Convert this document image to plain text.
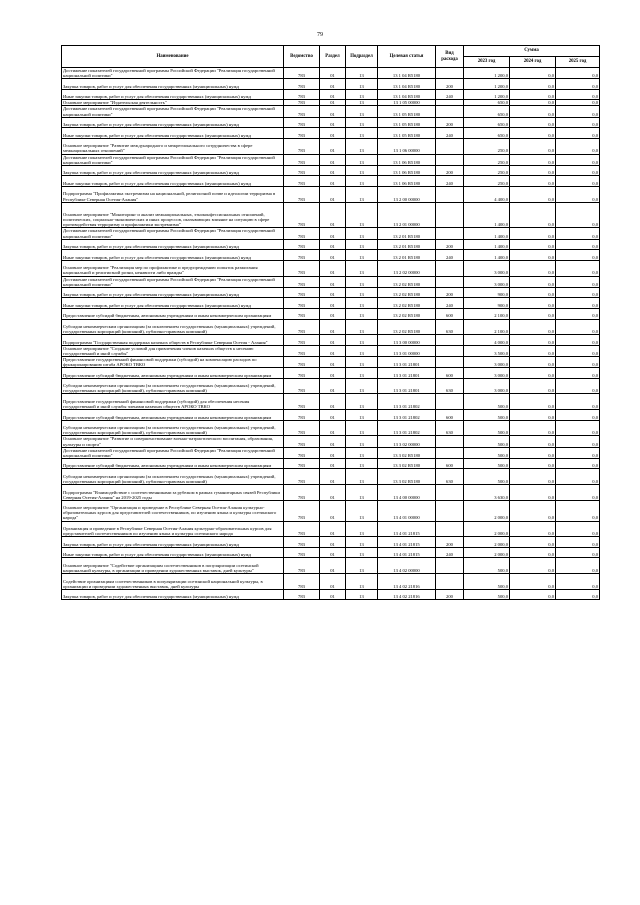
79
Наименование	Ведомство	Раздел	Подраздел	Целевая статья	Вид расхода	Сумма		
						2023 год	2024 год	2025 год
Достижение показателей государственной программы Российской Федерации "Реализация государственной национальной политики"	783	01	13	13 1 04 R5180		1 200,0	0,0	0,0
Закупка товаров, работ и услуг для обеспечения государственных (муниципальных) нужд	783	01	13	13 1 04 R5180	200	1 200,0	0,0	0,0
Иные закупки товаров, работ и услуг для обеспечения государственных (муниципальных) нужд	783	01	13	13 1 04 R5180	240	1 200,0	0,0	0,0
Основное мероприятие "Издательская деятельность"	783	01	13	13 1 05 00000		650,0	0,0	0,0
Достижение показателей государственной программы Российской Федерации "Реализация государственной национальной политики"	783	01	13	13 1 05 R5180		650,0	0,0	0,0
Закупка товаров, работ и услуг для обеспечения государственных (муниципальных) нужд	783	01	13	13 1 05 R5180	200	650,0	0,0	0,0
Иные закупки товаров, работ и услуг для обеспечения государственных (муниципальных) нужд	783	01	13	13 1 05 R5180	240	650,0	0,0	0,0
Основное мероприятие "Развитие международного и межрегионального сотрудничества в сфере межнациональных отношений"	783	01	13	13 1 06 00000		250,0	0,0	0,0
Достижение показателей государственной программы Российской Федерации "Реализация государственной национальной политики"	783	01	13	13 1 06 R5180		250,0	0,0	0,0
Закупка товаров, работ и услуг для обеспечения государственных (муниципальных) нужд	783	01	13	13 1 06 R5180	200	250,0	0,0	0,0
Иные закупки товаров, работ и услуг для обеспечения государственных (муниципальных) нужд	783	01	13	13 1 06 R5180	240	250,0	0,0	0,0
Подпрограмма "Профилактика экстремизма на национальной, религиозной почве и идеологии терроризма в Республике Северная Осетия-Алания"	783	01	13	13 2 00 00000		4 400,0	0,0	0,0
Основное мероприятие "Мониторинг и анализ межнациональных, этноконфессиональных отношений, политических, социально-экономических и иных процессов, оказывающих влияние на ситуацию в сфере противодействия терроризму и профилактики экстремизма"	783	01	13	13 2 01 00000		1 400,0	0,0	0,0
Достижение показателей государственной программы Российской Федерации "Реализация государственной национальной политики"	783	01	13	13 2 01 R5180		1 400,0	0,0	0,0
Закупка товаров, работ и услуг для обеспечения государственных (муниципальных) нужд	783	01	13	13 2 01 R5180	200	1 400,0	0,0	0,0
Иные закупки товаров, работ и услуг для обеспечения государственных (муниципальных) нужд	783	01	13	13 2 01 R5180	240	1 400,0	0,0	0,0
Основное мероприятие "Реализация мер по профилактике и предупреждению попыток разжигания национальной и религиозной розни, ненависти либо вражды"	783	01	13	13 2 02 00000		3 000,0	0,0	0,0
Достижение показателей государственной программы Российской Федерации "Реализация государственной национальной политики"	783	01	13	13 2 02 R5180		3 000,0	0,0	0,0
Закупка товаров, работ и услуг для обеспечения государственных (муниципальных) нужд	783	01	13	13 2 02 R5180	200	900,0	0,0	0,0
Иные закупки товаров, работ и услуг для обеспечения государственных (муниципальных) нужд	783	01	13	13 2 02 R5180	240	900,0	0,0	0,0
Предоставление субсидий бюджетным, автономным учреждениям и иным некоммерческим организациям	783	01	13	13 2 02 R5180	600	2 100,0	0,0	0,0
Субсидии некоммерческим организациям (за исключением государственных (муниципальных) учреждений, государственных корпораций (компаний), публично-правовых компаний)	783	01	13	13 2 02 R5180	630	2 100,0	0,0	0,0
Подпрограмма "Государственная поддержка казачьих обществ в Республике Северная Осетия - Алания"	783	01	13	13 3 00 00000		4 000,0	0,0	0,0
Основное мероприятие "Создание условий для привлечения членов казачьих обществ к несению государственной и иной службы"	783	01	13	13 3 01 00000		3 500,0	0,0	0,0
Предоставление государственной финансовой поддержки (субсидий) на компенсацию расходов по функционированию штаба АРОКО ТВКО	783	01	13	13 3 01 21801		3 000,0	0,0	0,0
Предоставление субсидий бюджетным, автономным учреждениям и иным некоммерческим организациям	783	01	13	13 3 01 21801	600	3 000,0	0,0	0,0
Субсидии некоммерческим организациям (за исключением государственных (муниципальных) учреждений, государственных корпораций (компаний), публично-правовых компаний)	783	01	13	13 3 01 21801	630	3 000,0	0,0	0,0
Предоставление государственной финансовой поддержки (субсидий) для обеспечения несения государственной и иной службы членами казачьих обществ АРОКО ТВКО	783	01	13	13 3 01 21802		500,0	0,0	0,0
Предоставление субсидий бюджетным, автономным учреждениям и иным некоммерческим организациям	783	01	13	13 3 01 21802	600	500,0	0,0	0,0
Субсидии некоммерческим организациям (за исключением государственных (муниципальных) учреждений, государственных корпораций (компаний), публично-правовых компаний)	783	01	13	13 3 01 21802	630	500,0	0,0	0,0
Основное мероприятие "Развитие и совершенствование военно-патриотического воспитания, образования, культуры и спорта"	783	01	13	13 3 02 00000		500,0	0,0	0,0
Достижение показателей государственной программы Российской Федерации "Реализация государственной национальной политики"	783	01	13	13 3 02 R5180		500,0	0,0	0,0
Предоставление субсидий бюджетным, автономным учреждениям и иным некоммерческим организациям	783	01	13	13 3 02 R5180	600	500,0	0,0	0,0
Субсидии некоммерческим организациям (за исключением государственных (муниципальных) учреждений, государственных корпораций (компаний), публично-правовых компаний)	783	01	13	13 3 02 R5180	630	500,0	0,0	0,0
Подпрограмма "Взаимодействие с соотечественниками за рубежом в рамках гуманитарных связей Республики Северная Осетия-Алания" на 2019-2025 годы	783	01	13	13 4 00 00000		3 630,0	0,0	0,0
Основное мероприятие "Организация и проведение в Республике Северная Осетия-Алания культурно-образовательных курсов для представителей соотечественников, по изучению языка и культуры осетинского народа"	783	01	13	13 4 01 00000		2 000,0	0,0	0,0
Организация и проведение в Республике Северная Осетия-Алания культурно-образовательных курсов для представителей соотечественников по изучению языка и культуры осетинского народа	783	01	13	13 4 01 21815		2 000,0	0,0	0,0
Закупка товаров, работ и услуг для обеспечения государственных (муниципальных) нужд	783	01	13	13 4 01 21815	200	2 000,0	0,0	0,0
Иные закупки товаров, работ и услуг для обеспечения государственных (муниципальных) нужд	783	01	13	13 4 01 21815	240	2 000,0	0,0	0,0
Основное мероприятие "Содействие организациям соотечественников в популяризации осетинской национальной культуры, в организации и проведении художественных выставок, дней культуры"	783	01	13	13 4 02 00000		500,0	0,0	0,0
Содействие организациям соотечественников в популяризации осетинской национальной культуры, в организации и проведении художественных выставок, дней культуры	783	01	13	13 4 02 21816		500,0	0,0	0,0
Закупка товаров, работ и услуг для обеспечения государственных (муниципальных) нужд	783	01	13	13 4 02 21816	200	500,0	0,0	0,0
